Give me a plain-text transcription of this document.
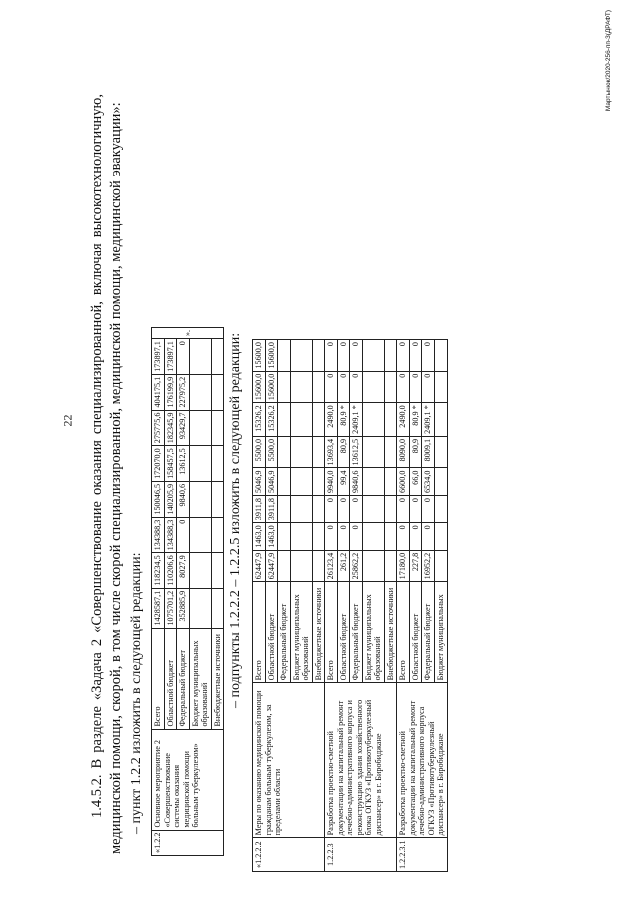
22 1.4.5.2. В разделе «Задача 2 «Совершенствование оказания специализированной, включая высокотехнологичную, медицинской помощи, скорой, в том числе скорой специализированной, медицинской помощи, медицинской эвакуации»: – пункт 1.2.2 изложить в следующей редакции:
«1.2.2	Основное мероприятие 2 «Совершенствование системы оказания медицинской помощи больным туберкулезом»	Всего	1428587,1	118234,5	134388,3	150046,5	172070,0	275775,6	404175,1	173897,1	».
		Областной бюджет	1075701,2	110206,6	134388,3	140205,9	158457,5	182345,9	176199,9	173897,1	
		Федеральный бюджет	352885,9	8027,9	0	9840,6	13612,5	93429,7	227975,2	0	
		Бюджет муниципальных образований									
		Внебюджетные источники									– подпункты 1.2.2.2 – 1.2.2.5 изложить в следующей редакции:
«1.2.2.2	Меры по оказанию медицинской помощи гражданам больным туберкулезом, за пределами области	Всего	62447,9	1463,0	3911,8	5046,9	5500,0	15326,2	15600,0	15600,0
		Областной бюджет	62447,9	1463,0	3911,8	5046,9	5500,0	15326,2	15600,0	15600,0
		Федеральный бюджет								
		Бюджет муниципальных образований								
		Внебюджетные источники								
1.2.2.3	Разработка проектно-сметной документации на капитальный ремонт лечебно-административного корпуса и реконструкцию здания хозяйственного блока ОГКУЗ «Противотуберкулезный диспансер» в г. Биробиджане	Всего	26123,4	0	0	9940,0	13693,4	2490,0	0	0
		Областной бюджет	261,2	0	0	99,4	80,9	80,9 *	0	0
		Федеральный бюджет	25862,2	0	0	9840,6	13612,5	2409,1 *	0	0
		Бюджет муниципальных образований								
		Внебюджетные источники								
1.2.2.3.1	Разработка проектно-сметной документации на капитальный ремонт лечебно-административного корпуса ОГКУЗ «Противотуберкулезный диспансер» в г. Биробиджане	Всего	17180,0	0	0	6600,0	8090,0	2490,0	0	0
		Областной бюджет	227,8	0	0	66,0	80,9	80,9 *	0	0
		Федеральный бюджет	16952,2	0	0	6534,0	8009,1	2409,1 *	0	0
		Бюджет муниципальных								
Мартынюк/2020-256-пп-3(ДРАФТ)
